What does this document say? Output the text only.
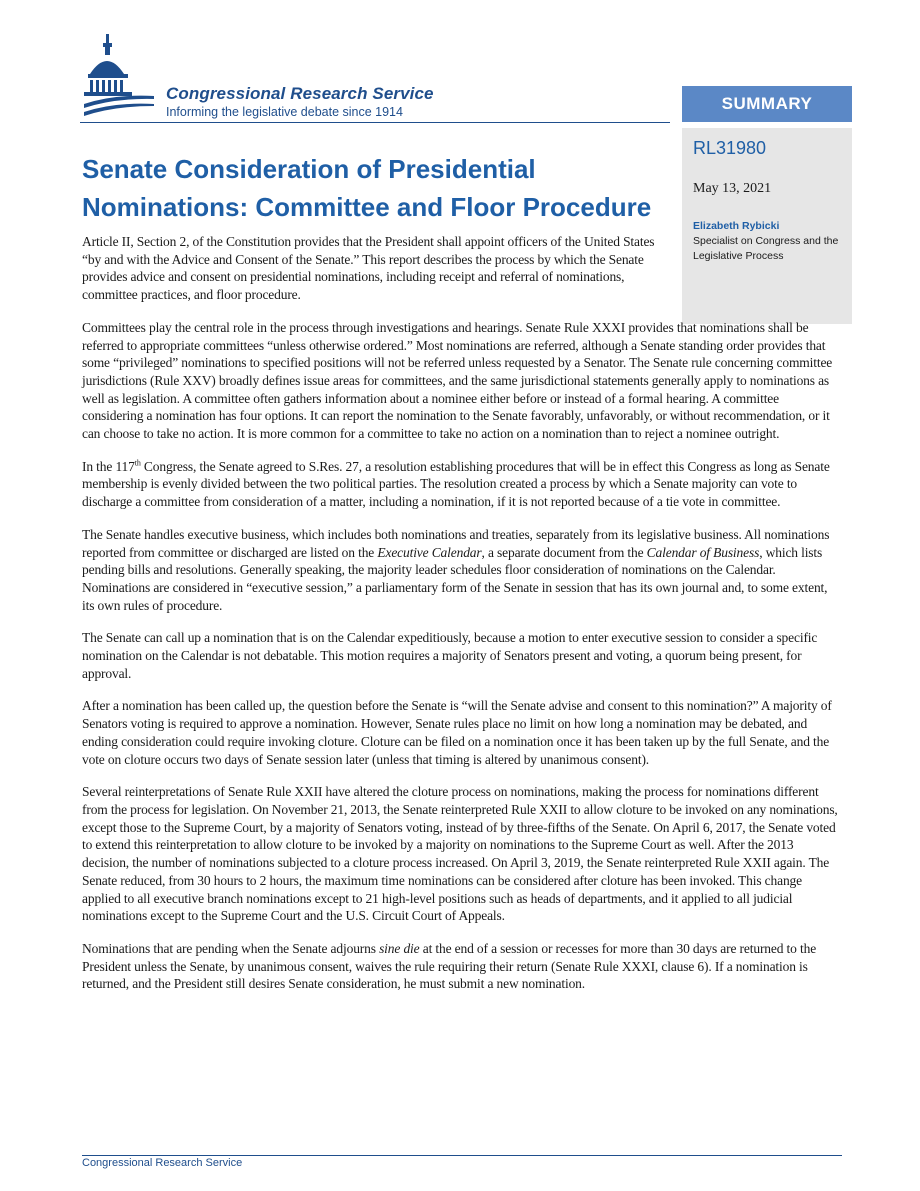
Congressional Research Service

Informing the legislative debate since 1914	SUMMARY

RL31980

May 13, 2021

Elizabeth Rybicki

Specialist on Congress and the Legislative Process

Senate Consideration of Presidential Nominations: Committee and Floor Procedure

Article II, Section 2, of the Constitution provides that the President shall appoint officers of the United States “by and with the Advice and Consent of the Senate.” This report describes the process by which the Senate provides advice and consent on presidential nominations, including receipt and referral of nominations, committee practices, and floor procedure.

Committees play the central role in the process through investigations and hearings. Senate Rule XXXI provides that nominations shall be referred to appropriate committees “unless otherwise ordered.” Most nominations are referred, although a Senate standing order provides that some “privileged” nominations to specified positions will not be referred unless requested by a Senator. The Senate rule concerning committee jurisdictions (Rule XXV) broadly defines issue areas for committees, and the same jurisdictional statements generally apply to nominations as well as legislation. A committee often gathers information about a nominee either before or instead of a formal hearing. A committee considering a nomination has four options. It can report the nomination to the Senate favorably, unfavorably, or without recommendation, or it can choose to take no action. It is more common for a committee to take no action on a nomination than to reject a nominee outright.

In the 117th Congress, the Senate agreed to S.Res. 27, a resolution establishing procedures that will be in effect this Congress as long as Senate membership is evenly divided between the two political parties. The resolution created a process by which a Senate majority can vote to discharge a committee from consideration of a matter, including a nomination, if it is not reported because of a tie vote in committee.

The Senate handles executive business, which includes both nominations and treaties, separately from its legislative business. All nominations reported from committee or discharged are listed on the Executive Calendar, a separate document from the Calendar of Business, which lists pending bills and resolutions. Generally speaking, the majority leader schedules floor consideration of nominations on the Calendar. Nominations are considered in “executive session,” a parliamentary form of the Senate in session that has its own journal and, to some extent, its own rules of procedure.

The Senate can call up a nomination that is on the Calendar expeditiously, because a motion to enter executive session to consider a specific nomination on the Calendar is not debatable. This motion requires a majority of Senators present and voting, a quorum being present, for approval.

After a nomination has been called up, the question before the Senate is “will the Senate advise and consent to this nomination?” A majority of Senators voting is required to approve a nomination. However, Senate rules place no limit on how long a nomination may be debated, and ending consideration could require invoking cloture. Cloture can be filed on a nomination once it has been taken up by the full Senate, and the vote on cloture occurs two days of Senate session later (unless that timing is altered by unanimous consent).

Several reinterpretations of Senate Rule XXII have altered the cloture process on nominations, making the process for nominations different from the process for legislation. On November 21, 2013, the Senate reinterpreted Rule XXII to allow cloture to be invoked on any nominations, except those to the Supreme Court, by a majority of Senators voting, instead of by three-fifths of the Senate. On April 6, 2017, the Senate voted to extend this reinterpretation to allow cloture to be invoked by a majority on nominations to the Supreme Court as well. After the 2013 decision, the number of nominations subjected to a cloture process increased. On April 3, 2019, the Senate reinterpreted Rule XXII again. The Senate reduced, from 30 hours to 2 hours, the maximum time nominations can be considered after cloture has been invoked. This change applied to all executive branch nominations except to 21 high-level positions such as heads of departments, and it applied to all judicial nominations except to the Supreme Court and the U.S. Circuit Court of Appeals.

Nominations that are pending when the Senate adjourns sine die at the end of a session or recesses for more than 30 days are returned to the President unless the Senate, by unanimous consent, waives the rule requiring their return (Senate Rule XXXI, clause 6). If a nomination is returned, and the President still desires Senate consideration, he must submit a new nomination.

Congressional Research Service
